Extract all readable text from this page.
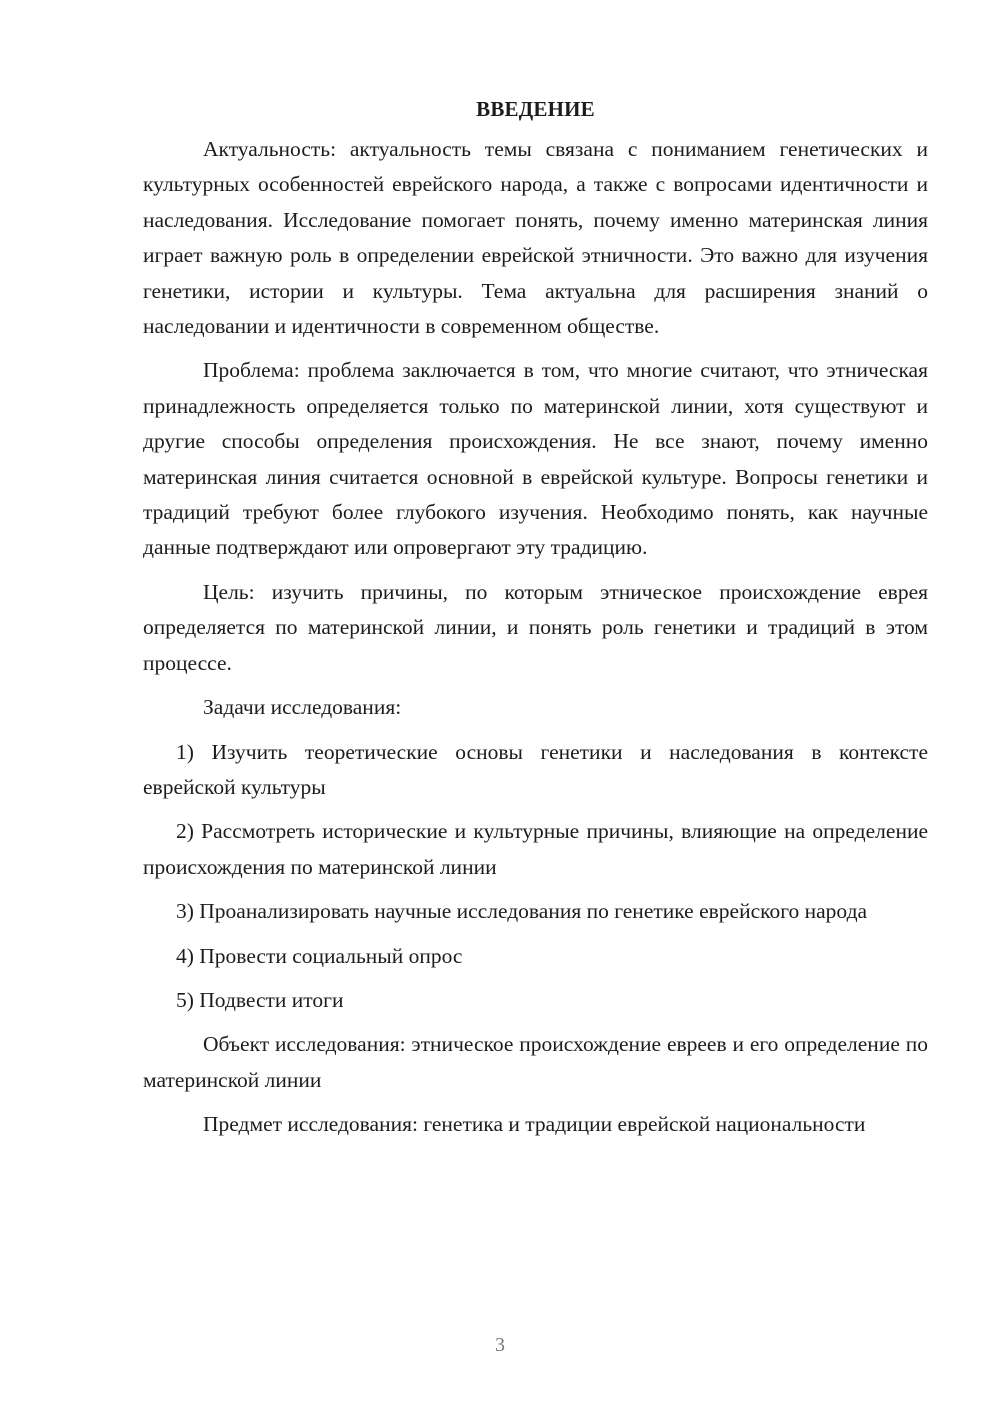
ВВЕДЕНИЕ

Актуальность: актуальность темы связана с пониманием генетических и культурных особенностей еврейского народа, а также с вопросами идентичности и наследования. Исследование помогает понять, почему именно материнская линия играет важную роль в определении еврейской этничности. Это важно для изучения генетики, истории и культуры. Тема актуальна для расширения знаний о наследовании и идентичности в современном обществе.

Проблема: проблема заключается в том, что многие считают, что этническая принадлежность определяется только по материнской линии, хотя существуют и другие способы определения происхождения. Не все знают, почему именно материнская линия считается основной в еврейской культуре. Вопросы генетики и традиций требуют более глубокого изучения. Необходимо понять, как научные данные подтверждают или опровергают эту традицию.

Цель: изучить причины, по которым этническое происхождение еврея определяется по материнской линии, и понять роль генетики и традиций в этом процессе.

Задачи исследования:

1) Изучить теоретические основы генетики и наследования в контексте еврейской культуры

2) Рассмотреть исторические и культурные причины, влияющие на определение происхождения по материнской линии

3) Проанализировать научные исследования по генетике еврейского народа

4) Провести социальный опрос

5) Подвести итоги

Объект исследования: этническое происхождение евреев и его определение по материнской линии

Предмет исследования: генетика и традиции еврейской национальности

3
